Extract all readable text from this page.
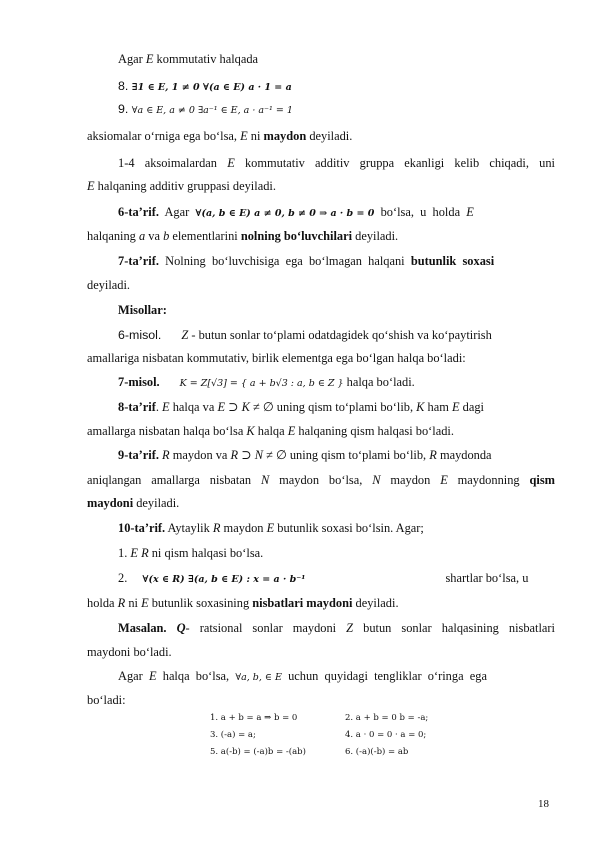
Agar E kommutativ halqada
8. ∃1 ∈ E, 1 ≠ 0 ∀(a ∈ E) a · 1 = a
9. ∀a ∈ E, a ≠ 0 ∃a⁻¹ ∈ E, a · a⁻¹ = 1
aksiomalar o‘rniga ega bo‘lsa, E ni maydon deyiladi.
1-4 aksoimalardan E kommutativ additiv gruppa ekanligi kelib chiqadi, uni
E halqaning additiv gruppasi deyiladi.
6-ta’rif.  Agar  ∀(a, b ∈ E) a ≠ 0, b ≠ 0 ⇒ a · b = 0  bo‘lsa,  u  holda  E
halqaning a va b elementlarini nolning bo‘luvchilari deyiladi.
7-ta’rif.  Nolning  bo‘luvchisiga  ega  bo‘lmagan  halqani  butunlik  soxasi
deyiladi.
Misollar:
6-misol. Z - butun sonlar to‘plami odatdagidek qo‘shish va ko‘paytirish
amallariga nisbatan kommutativ, birlik elementga ega bo‘lgan halqa bo‘ladi:
7-misol. K = Z[√3] = { a + b√3 : a, b ∈ Z } halqa bo‘ladi.
8-ta’rif. E halqa va E ⊃ K ≠ ∅ uning qism to‘plami bo‘lib, K ham E dagi
amallarga nisbatan halqa bo‘lsa K halqa E halqaning qism halqasi bo‘ladi.
9-ta’rif. R maydon va R ⊃ N ≠ ∅ uning qism to‘plami bo‘lib, R maydonda
aniqlangan amallarga nisbatan N maydon bo‘lsa, N maydon E maydonning qism
maydoni deyiladi.
10-ta’rif. Aytaylik R maydon E butunlik soxasi bo‘lsin. Agar;
1. E R ni qism halqasi bo‘lsa.
2. ∀(x ∈ R) ∃(a, b ∈ E) : x = a · b⁻¹	shartlar bo‘lsa, u
holda R ni E butunlik soxasining nisbatlari maydoni deyiladi.
Masalan. Q- ratsional sonlar maydoni Z butun sonlar halqasining nisbatlari
maydoni bo‘ladi.
Agar  E  halqa  bo‘lsa,  ∀a, b, ∈ E  uchun  quyidagi  tengliklar  o‘ringa  ega
bo‘ladi:
1. a + b = a ⇒ b = 0	2. a + b = 0 b = -a;
3. (-a) = a;	4. a · 0 = 0 · a = 0;
5. a(-b) = (-a)b = -(ab)	6. (-a)(-b) = ab
18
